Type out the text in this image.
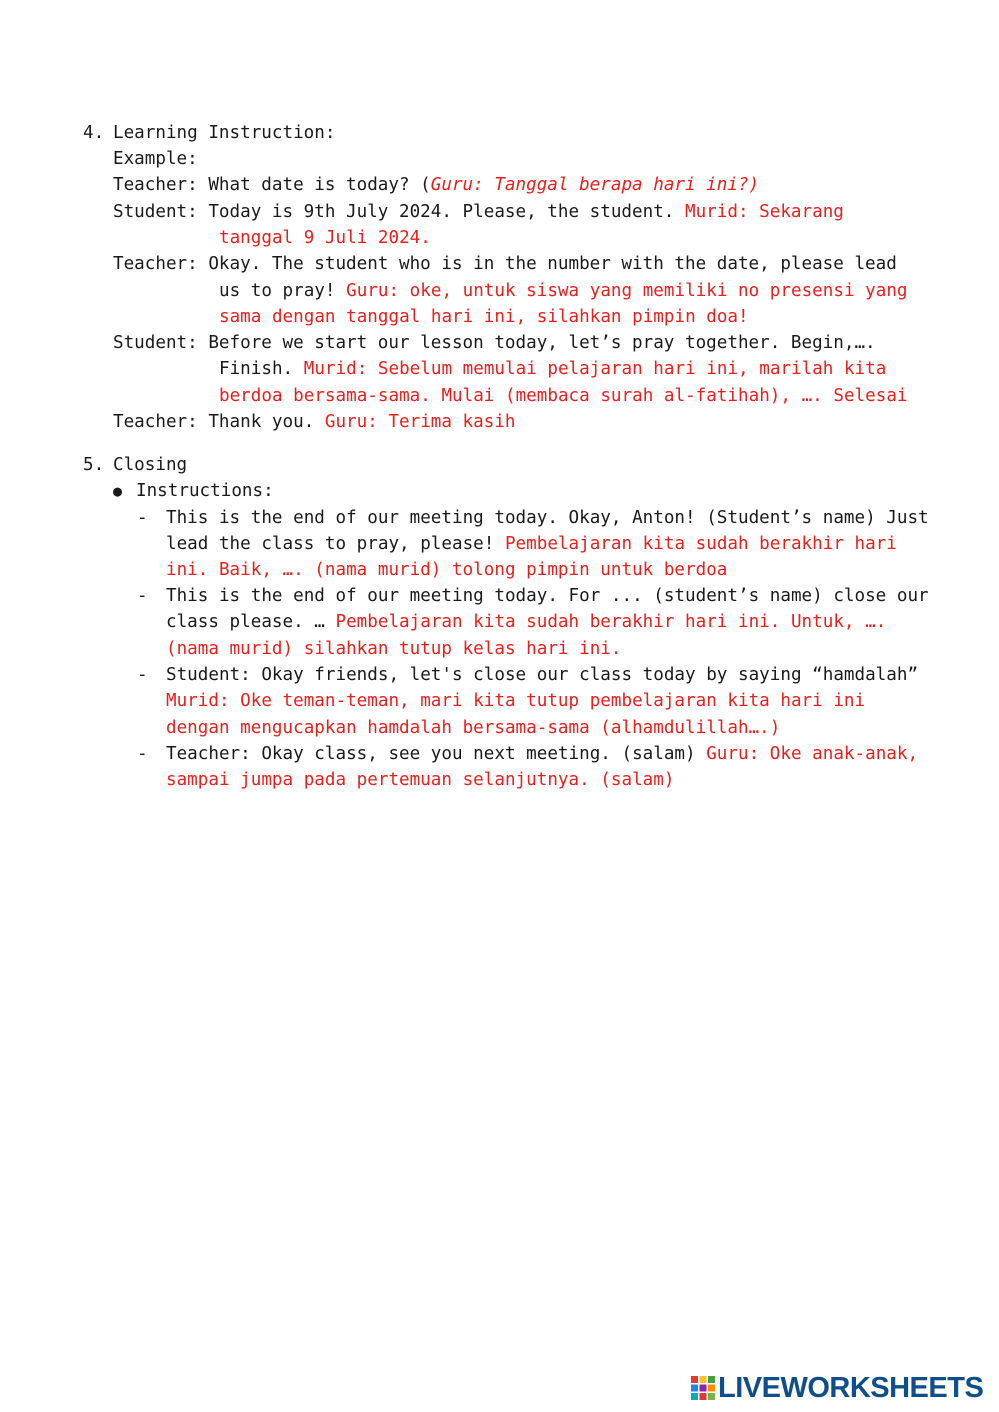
4. Learning Instruction:
Example:
Teacher: What date is today? (Guru: Tanggal berapa hari ini?)
Student: Today is 9th July 2024. Please, the student. Murid: Sekarang
tanggal 9 Juli 2024.
Teacher: Okay. The student who is in the number with the date, please lead
us to pray! Guru: oke, untuk siswa yang memiliki no presensi yang
sama dengan tanggal hari ini, silahkan pimpin doa!
Student: Before we start our lesson today, let’s pray together. Begin,….
Finish. Murid: Sebelum memulai pelajaran hari ini, marilah kita
berdoa bersama-sama. Mulai (membaca surah al-fatihah), …. Selesai
Teacher: Thank you. Guru: Terima kasih
5. Closing
● Instructions:
- This is the end of our meeting today. Okay, Anton! (Student’s name) Just
lead the class to pray, please! Pembelajaran kita sudah berakhir hari
ini. Baik, …. (nama murid) tolong pimpin untuk berdoa
- This is the end of our meeting today. For ... (student’s name) close our
class please. … Pembelajaran kita sudah berakhir hari ini. Untuk, ….
(nama murid) silahkan tutup kelas hari ini.
- Student: Okay friends, let's close our class today by saying “hamdalah”
Murid: Oke teman-teman, mari kita tutup pembelajaran kita hari ini
dengan mengucapkan hamdalah bersama-sama (alhamdulillah….)
- Teacher: Okay class, see you next meeting. (salam) Guru: Oke anak-anak,
sampai jumpa pada pertemuan selanjutnya. (salam)
LIVEWORKSHEETS
